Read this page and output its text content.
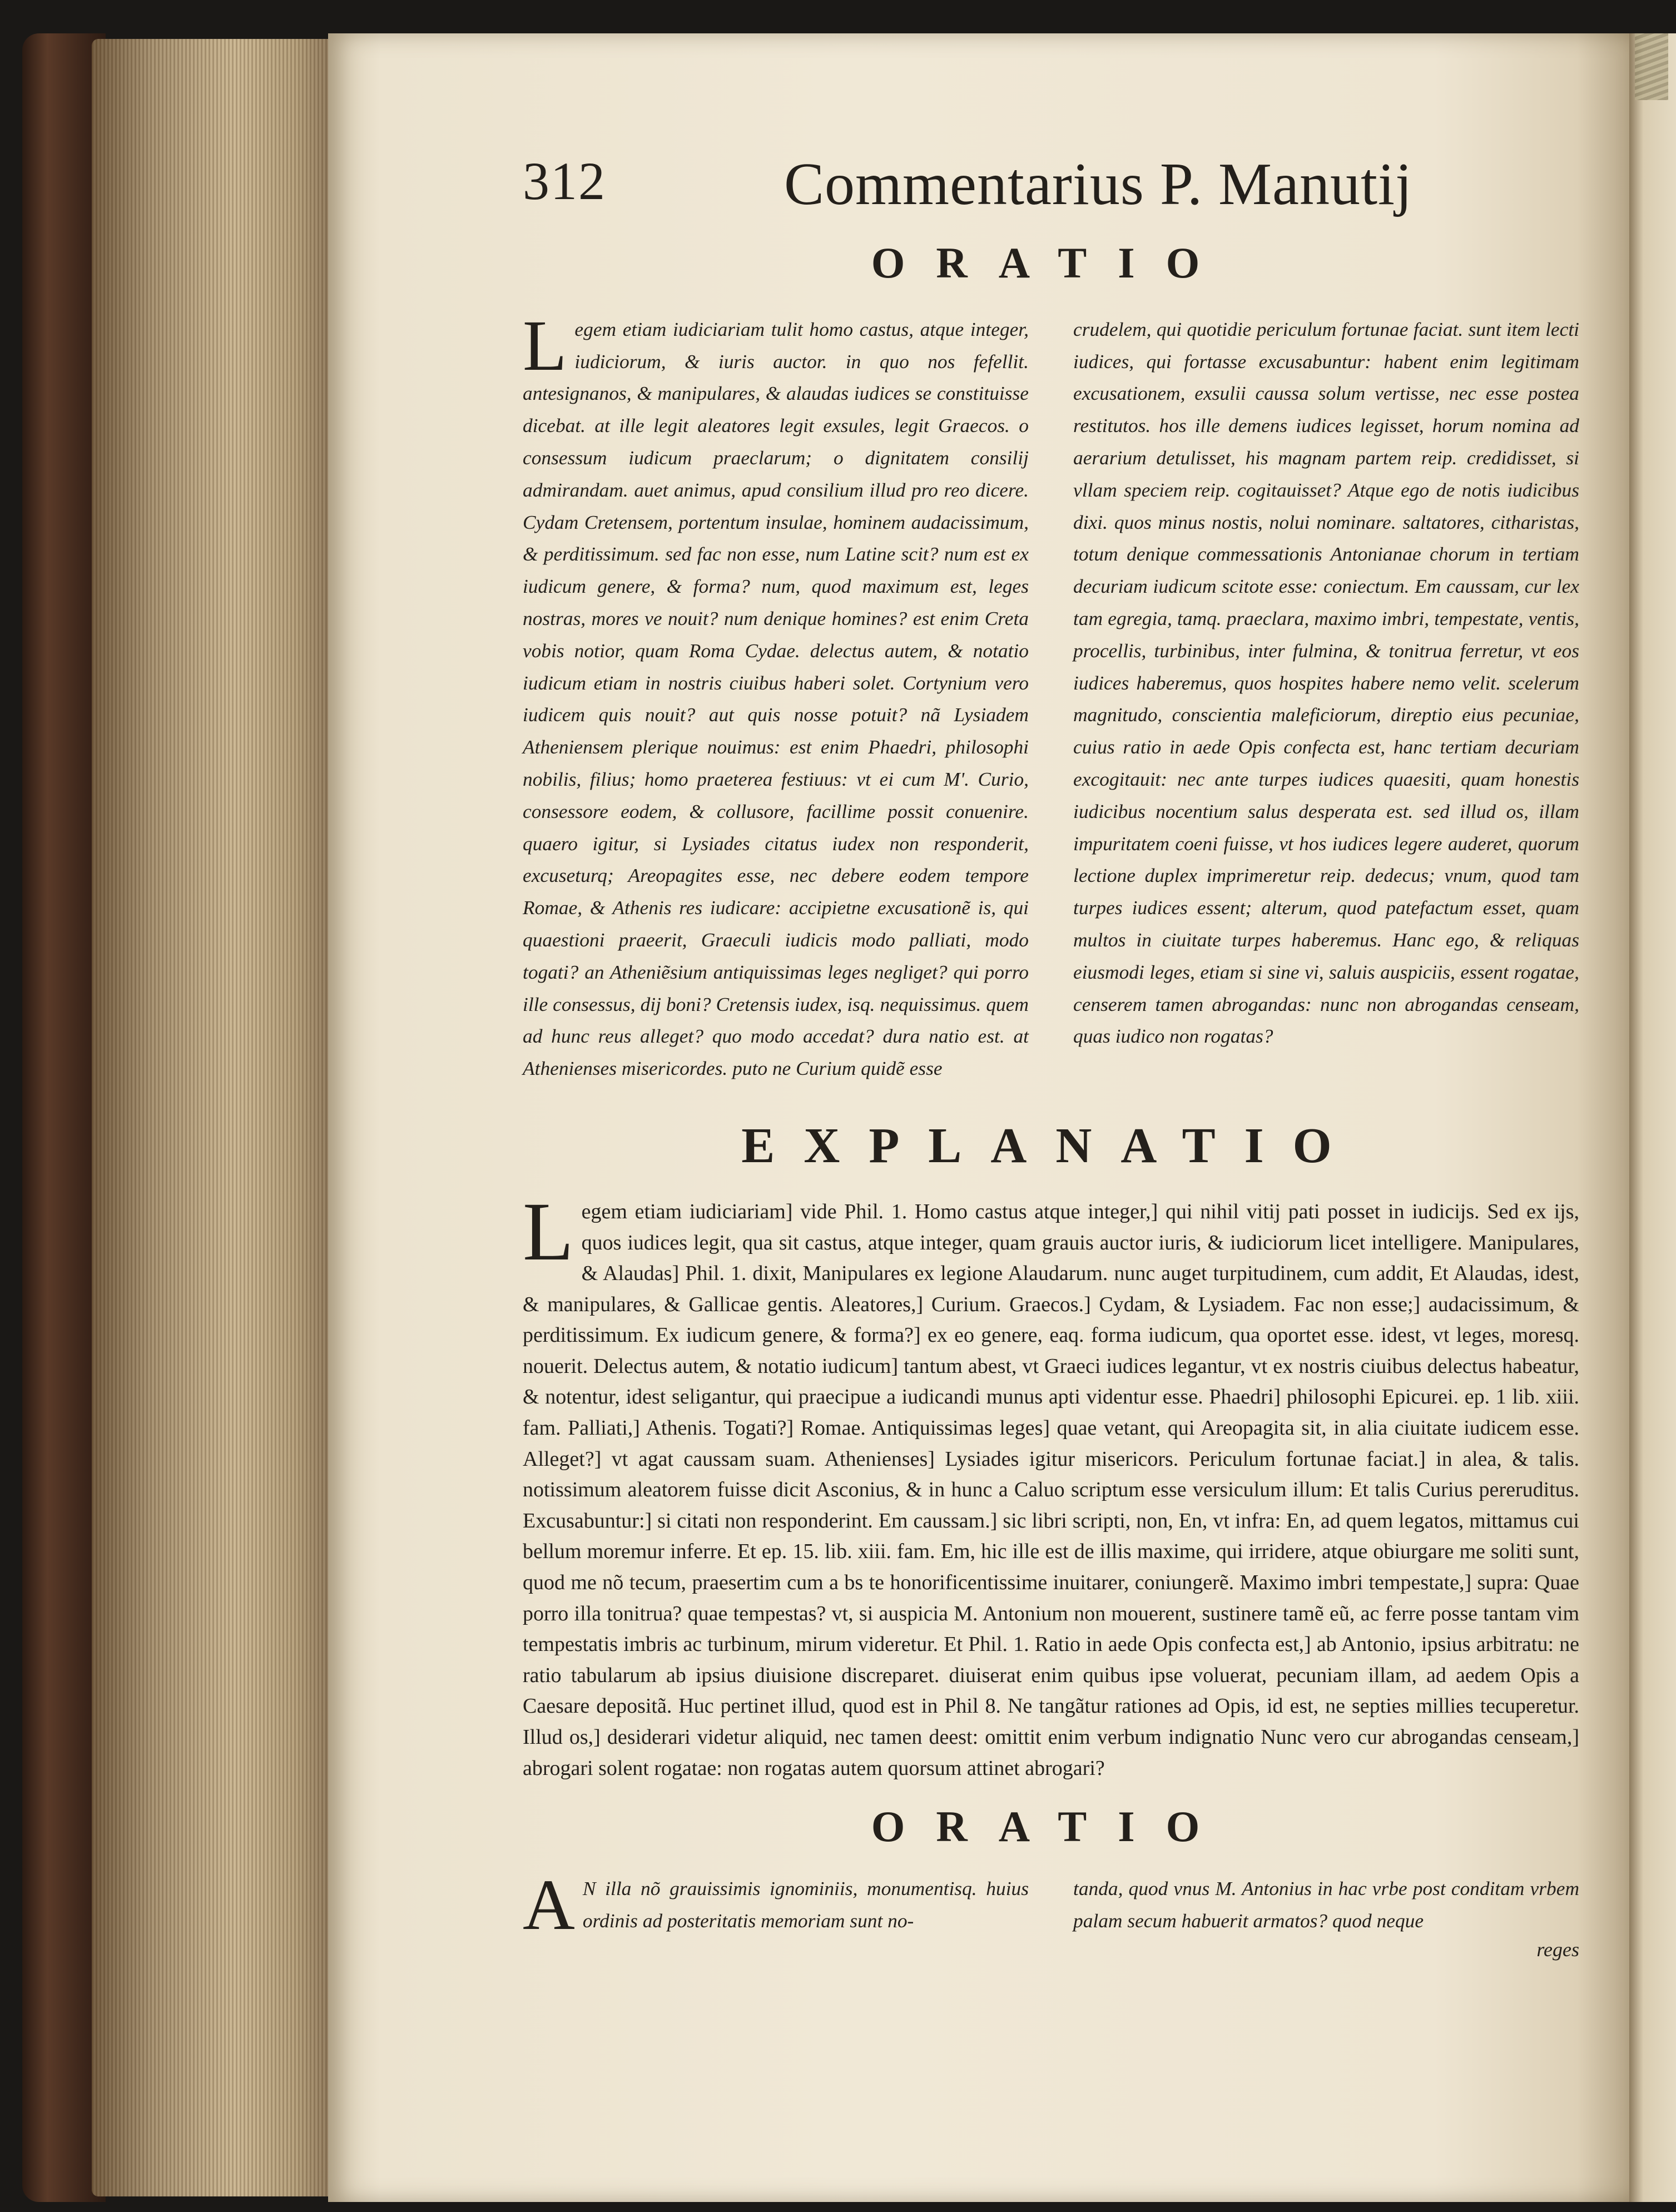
312	Commentarius P. Manutij
ORATIO
Legem etiam iudiciariam tulit homo castus, atque integer, iudiciorum, & iuris auctor. in quo nos fefellit. antesignanos, & manipulares, & alaudas iudices se constituisse dicebat. at ille legit aleatores legit exsules, legit Graecos. o consessum iudicum praeclarum; o dignitatem consilij admirandam. auet animus, apud consilium illud pro reo dicere. Cydam Cretensem, portentum insulae, hominem audacissimum, & perditissimum. sed fac non esse, num Latine scit? num est ex iudicum genere, & forma? num, quod maximum est, leges nostras, mores ve nouit? num denique homines? est enim Creta vobis notior, quam Roma Cydae. delectus autem, & notatio iudicum etiam in nostris ciuibus haberi solet. Cortynium vero iudicem quis nouit? aut quis nosse potuit? nã Lysiadem Atheniensem plerique nouimus: est enim Phaedri, philosophi nobilis, filius; homo praeterea festiuus: vt ei cum M'. Curio, consessore eodem, & collusore, facillime possit conuenire. quaero igitur, si Lysiades citatus iudex non responderit, excuseturq; Areopagites esse, nec debere eodem tempore Romae, & Athenis res iudicare: accipietne excusationẽ is, qui quaestioni praeerit, Graeculi iudicis modo palliati, modo togati? an Atheniẽsium antiquissimas leges negliget? qui porro ille consessus, dij boni? Cretensis iudex, isq. nequissimus. quem ad hunc reus alleget? quo modo accedat? dura natio est. at Athenienses misericordes. puto ne Curium quidẽ esse
crudelem, qui quotidie periculum fortunae faciat. sunt item lecti iudices, qui fortasse excusabuntur: habent enim legitimam excusationem, exsulii caussa solum vertisse, nec esse postea restitutos. hos ille demens iudices legisset, horum nomina ad aerarium detulisset, his magnam partem reip. credidisset, si vllam speciem reip. cogitauisset? Atque ego de notis iudicibus dixi. quos minus nostis, nolui nominare. saltatores, citharistas, totum denique commessationis Antonianae chorum in tertiam decuriam iudicum scitote esse: coniectum. Em caussam, cur lex tam egregia, tamq. praeclara, maximo imbri, tempestate, ventis, procellis, turbinibus, inter fulmina, & tonitrua ferretur, vt eos iudices haberemus, quos hospites habere nemo velit. scelerum magnitudo, conscientia maleficiorum, direptio eius pecuniae, cuius ratio in aede Opis confecta est, hanc tertiam decuriam excogitauit: nec ante turpes iudices quaesiti, quam honestis iudicibus nocentium salus desperata est. sed illud os, illam impuritatem coeni fuisse, vt hos iudices legere auderet, quorum lectione duplex imprimeretur reip. dedecus; vnum, quod tam turpes iudices essent; alterum, quod patefactum esset, quam multos in ciuitate turpes haberemus. Hanc ego, & reliquas eiusmodi leges, etiam si sine vi, saluis auspiciis, essent rogatae, censerem tamen abrogandas: nunc non abrogandas censeam, quas iudico non rogatas?
EXPLANATIO
Legem etiam iudiciariam] vide Phil. 1. Homo castus atque integer,] qui nihil vitij pati posset in iudicijs. Sed ex ijs, quos iudices legit, qua sit castus, atque integer, quam grauis auctor iuris, & iudiciorum licet intelligere. Manipulares, & Alaudas] Phil. 1. dixit, Manipulares ex legione Alaudarum. nunc auget turpitudinem, cum addit, Et Alaudas, idest, & manipulares, & Gallicae gentis. Aleatores,] Curium. Graecos.] Cydam, & Lysiadem. Fac non esse;] audacissimum, & perditissimum. Ex iudicum genere, & forma?] ex eo genere, eaq. forma iudicum, qua oportet esse. idest, vt leges, moresq. nouerit. Delectus autem, & notatio iudicum] tantum abest, vt Graeci iudices legantur, vt ex nostris ciuibus delectus habeatur, & notentur, idest seligantur, qui praecipue a iudicandi munus apti videntur esse. Phaedri] philosophi Epicurei. ep. 1 lib. xiii. fam. Palliati,] Athenis. Togati?] Romae. Antiquissimas leges] quae vetant, qui Areopagita sit, in alia ciuitate iudicem esse. Alleget?] vt agat caussam suam. Athenienses] Lysiades igitur misericors. Periculum fortunae faciat.] in alea, & talis. notissimum aleatorem fuisse dicit Asconius, & in hunc a Caluo scriptum esse versiculum illum: Et talis Curius pereruditus. Excusabuntur:] si citati non responderint. Em caussam.] sic libri scripti, non, En, vt infra: En, ad quem legatos, mittamus cui bellum moremur inferre. Et ep. 15. lib. xiii. fam. Em, hic ille est de illis maxime, qui irridere, atque obiurgare me soliti sunt, quod me nõ tecum, praesertim cum a bs te honorificentissime inuitarer, coniungerẽ. Maximo imbri tempestate,] supra: Quae porro illa tonitrua? quae tempestas? vt, si auspicia M. Antonium non mouerent, sustinere tamẽ eũ, ac ferre posse tantam vim tempestatis imbris ac turbinum, mirum videretur. Et Phil. 1. Ratio in aede Opis confecta est,] ab Antonio, ipsius arbitratu: ne ratio tabularum ab ipsius diuisione discreparet. diuiserat enim quibus ipse voluerat, pecuniam illam, ad aedem Opis a Caesare depositã. Huc pertinet illud, quod est in Phil 8. Ne tangãtur rationes ad Opis, id est, ne septies millies tecuperetur. Illud os,] desiderari videtur aliquid, nec tamen deest: omittit enim verbum indignatio Nunc vero cur abrogandas censeam,] abrogari solent rogatae: non rogatas autem quorsum attinet abrogari?
ORATIO
A N illa nõ grauissimis ignominiis, monumentisq. huius ordinis ad posteritatis memoriam sunt no-
tanda, quod vnus M. Antonius in hac vrbe post conditam vrbem palam secum habuerit armatos? quod neque
reges
